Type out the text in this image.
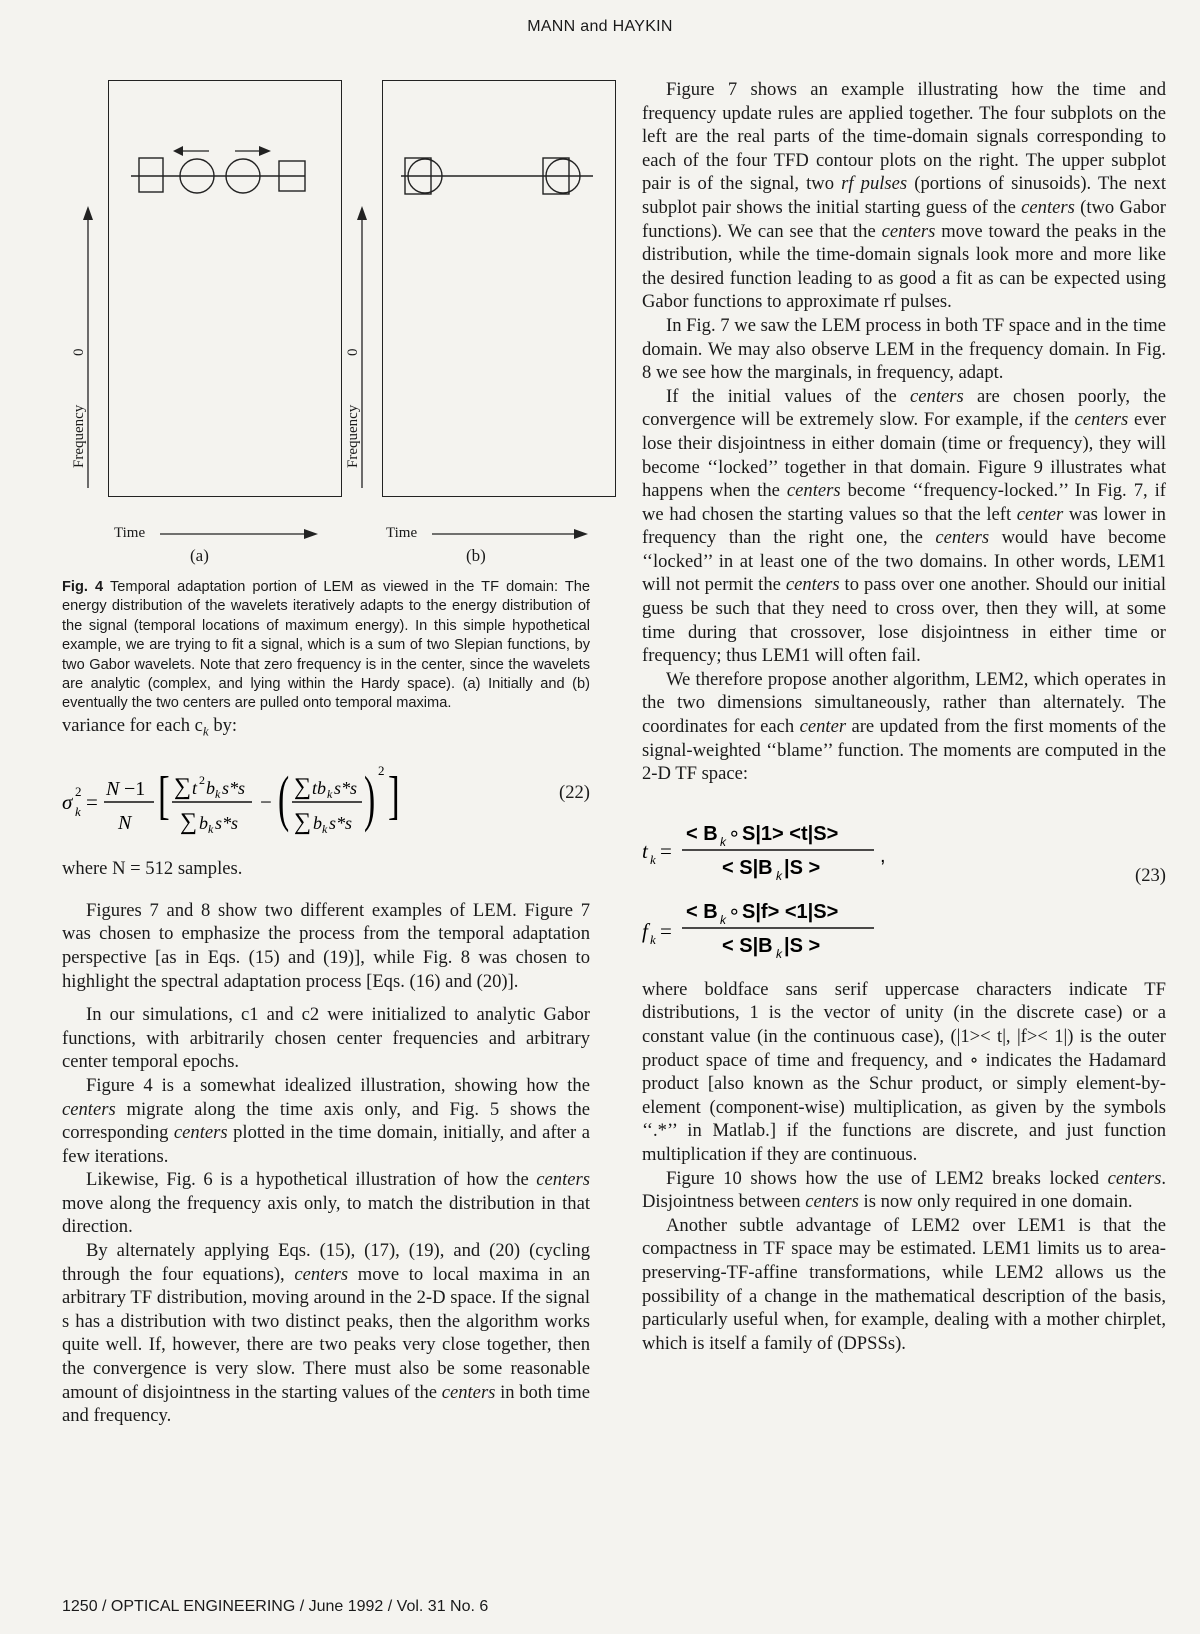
MANN and HAYKIN
0
Frequency
0
Frequency
Time	Time
(a)	(b)

Fig. 4 Temporal adaptation portion of LEM as viewed in the TF domain: The energy distribution of the wavelets iteratively adapts to the energy distribution of the signal (temporal locations of maximum energy). In this simple hypothetical example, we are trying to fit a signal, which is a sum of two Slepian functions, by two Gabor wavelets. Note that zero frequency is in the center, since the wavelets are analytic (complex, and lying within the Hardy space). (a) Initially and (b) eventually the two centers are pulled onto temporal maxima.

variance for each $c_k$ by:

σ 2
k =
N −1
N [ ∑ t 2 b k s * s
∑ b k s * s
− ( ∑ tb k s * s
∑ b k s * s ) 2 ]	(22)

where N = 512 samples.

Figures 7 and 8 show two different examples of LEM. Figure 7 was chosen to emphasize the process from the temporal adaptation perspective [as in Eqs. (15) and (19)], while Fig. 8 was chosen to highlight the spectral adaptation process [Eqs. (16) and (20)].

In our simulations, c1 and c2 were initialized to analytic Gabor functions, with arbitrarily chosen center frequencies and arbitrary center temporal epochs.

Figure 4 is a somewhat idealized illustration, showing how the centers migrate along the time axis only, and Fig. 5 shows the corresponding centers plotted in the time domain, initially, and after a few iterations.

Likewise, Fig. 6 is a hypothetical illustration of how the centers move along the frequency axis only, to match the distribution in that direction.

By alternately applying Eqs. (15), (17), (19), and (20) (cycling through the four equations), centers move to local maxima in an arbitrary TF distribution, moving around in the 2-D space. If the signal s has a distribution with two distinct peaks, then the algorithm works quite well. If, however, there are two peaks very close together, then the convergence is very slow. There must also be some reasonable amount of disjointness in the starting values of the centers in both time and frequency.

Figure 7 shows an example illustrating how the time and frequency update rules are applied together. The four subplots on the left are the real parts of the time-domain signals corresponding to each of the four TFD contour plots on the right. The upper subplot pair is of the signal, two rf pulses (portions of sinusoids). The next subplot pair shows the initial starting guess of the centers (two Gabor functions). We can see that the centers move toward the peaks in the distribution, while the time-domain signals look more and more like the desired function leading to as good a fit as can be expected using Gabor functions to approximate rf pulses.

In Fig. 7 we saw the LEM process in both TF space and in the time domain. We may also observe LEM in the frequency domain. In Fig. 8 we see how the marginals, in frequency, adapt.

If the initial values of the centers are chosen poorly, the convergence will be extremely slow. For example, if the centers ever lose their disjointness in either domain (time or frequency), they will become ‘‘locked’’ together in that domain. Figure 9 illustrates what happens when the centers become ‘‘frequency-locked.’’ In Fig. 7, if we had chosen the starting values so that the left center was lower in frequency than the right one, the centers would have become ‘‘locked’’ in at least one of the two domains. In other words, LEM1 will not permit the centers to pass over one another. Should our initial guess be such that they need to cross over, then they will, at some time during that crossover, lose disjointness in either time or frequency; thus LEM1 will often fail.

We therefore propose another algorithm, LEM2, which operates in the two dimensions simultaneously, rather than alternately. The coordinates for each center are updated from the first moments of the signal-weighted ‘‘blame’’ function. The moments are computed in the 2-D TF space:

t k =
< B k ∘ S|1> <t|S>
< S|B k |S >
,
f k =
< B k ∘ S|f> <1|S>
< S|B k |S >
(23)

where boldface sans serif uppercase characters indicate TF distributions, 1 is the vector of unity (in the discrete case) or a constant value (in the continuous case), (|1>< t|, |f>< 1|) is the outer product space of time and frequency, and ∘ indicates the Hadamard product [also known as the Schur product, or simply element-by-element (component-wise) multiplication, as given by the symbols ‘‘.*’’ in Matlab.] if the functions are discrete, and just function multiplication if they are continuous.

Figure 10 shows how the use of LEM2 breaks locked centers. Disjointness between centers is now only required in one domain.

Another subtle advantage of LEM2 over LEM1 is that the compactness in TF space may be estimated. LEM1 limits us to area-preserving-TF-affine transformations, while LEM2 allows us the possibility of a change in the mathematical description of the basis, particularly useful when, for example, dealing with a mother chirplet, which is itself a family of (DPSSs).

1250 / OPTICAL ENGINEERING / June 1992 / Vol. 31 No. 6
